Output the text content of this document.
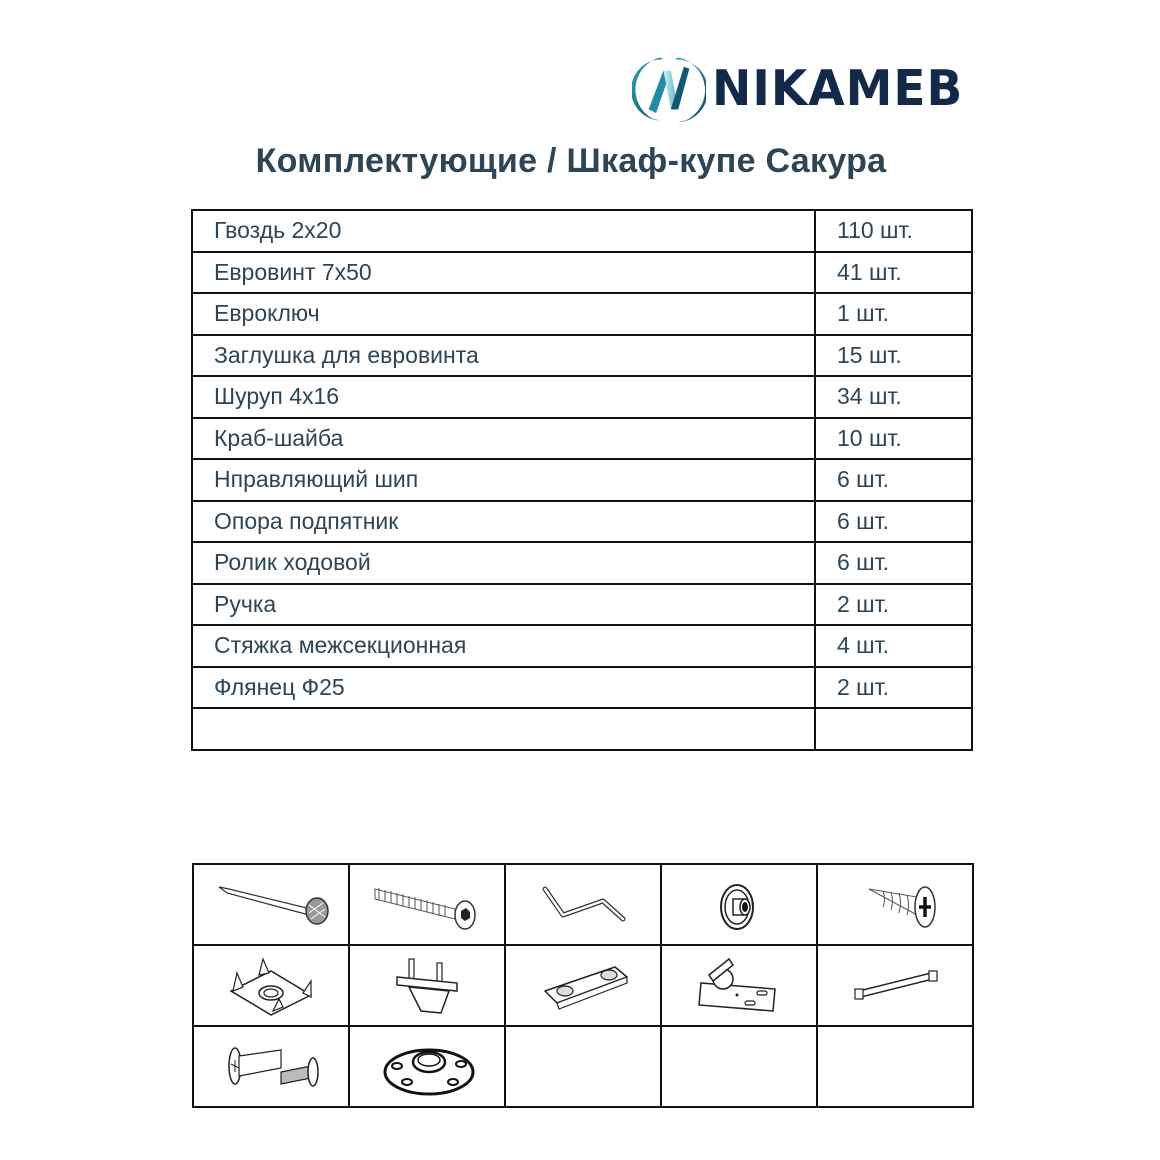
NIKAMEB
Комплектующие / Шкаф-купе Сакура
Гвоздь 2х20	110 шт.
Евровинт 7х50	41 шт.
Евроключ	1 шт.
Заглушка для евровинта	15 шт.
Шуруп 4х16	34 шт.
Краб-шайба	10 шт.
Нправляющий шип	6 шт.
Опора подпятник	6 шт.
Ролик ходовой	6 шт.
Ручка	2 шт.
Стяжка межсекционная	4 шт.
Флянец Ф25	2 шт.
